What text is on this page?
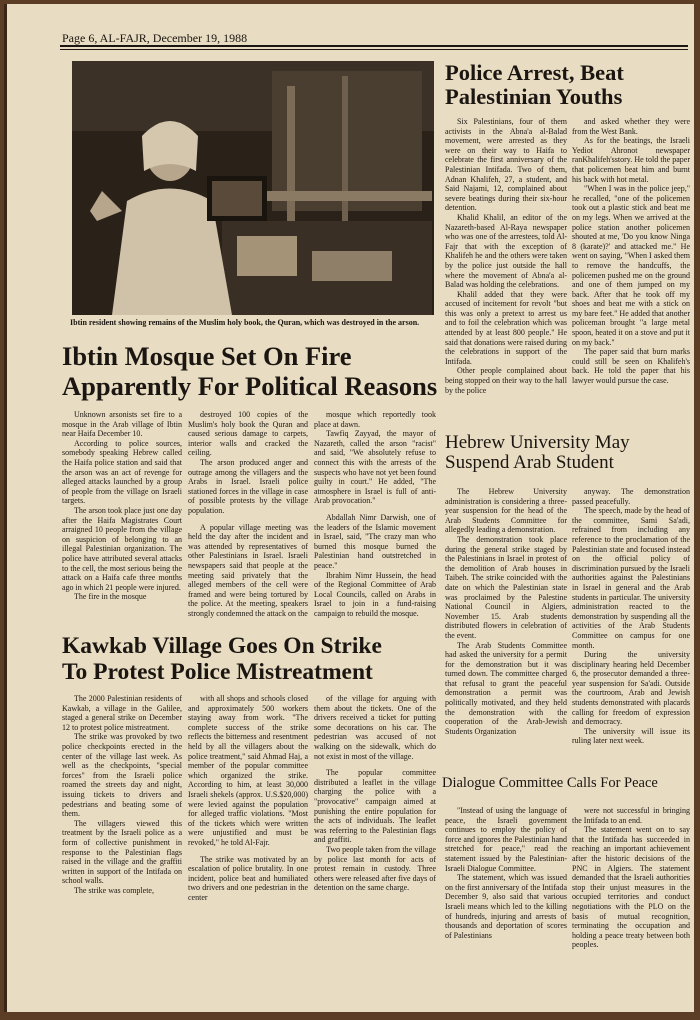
Page 6, AL-FAJR, December 19, 1988
Ibtin resident showing remains of the Muslim holy book, the Quran, which was destroyed in the arson.
Police Arrest, Beat
Palestinian Youths

Six Palestinians, four of them activists in the Abna'a al-Balad movement, were arrested as they were on their way to Haifa to celebrate the first anniversary of the Palestinian Intifada. Two of them, Adnan Khalifeh, 27, a student, and Said Najami, 12, complained about severe beatings during their six-hour detention.

Khalid Khalil, an editor of the Nazareth-based Al-Raya newspaper who was one of the arrestees, told Al-Fajr that with the exception of Khalifeh he and the others were taken by the police just outside the hall where the movement of Abna'a al-Balad was holding the celebrations.

Khalil added that they were accused of incitement for revolt "but this was only a pretext to arrest us and to foil the celebration which was attended by at least 800 people." He said that donations were raised during the celebrations in support of the Intifada.

Other people complained about being stopped on their way to the hall by the police

and asked whether they were from the West Bank.

As for the beatings, the Israeli Yediot Ahronot newspaper ranKhalifeh'sstory. He told the paper that policemen beat him and burnt his back with hot metal.

"When I was in the police jeep," he recalled, "one of the policemen took out a plastic stick and beat me on my legs. When we arrived at the police station another policemen shouted at me, 'Do you know Ninga 8 (karate)?' and attacked me." He went on saying, "When I asked them to remove the handcuffs, the policemen pushed me on the ground and one of them jumped on my back. After that he took off my shoes and beat me with a stick on my bare feet." He added that another policeman brought "a large metal spoon, heated it on a stove and put it on my back."

The paper said that burn marks could still be seen on Khalifeh's back. He told the paper that his lawyer would pursue the case.

Ibtin Mosque Set On Fire
Apparently For Political Reasons

Unknown arsonists set fire to a mosque in the Arab village of Ibtin near Haifa December 10.

According to police sources, somebody speaking Hebrew called the Haifa police station and said that the arson was an act of revenge for alleged attacks launched by a group of people from the village on Israeli targets.

The arson took place just one day after the Haifa Magistrates Court arraigned 10 people from the village on suspicion of belonging to an illegal Palestinian organization. The police have attributed several attacks to the cell, the most serious being the attack on a Haifa cafe three months ago in which 21 people were injured.

The fire in the mosque

destroyed 100 copies of the Muslim's holy book the Quran and caused serious damage to carpets, interior walls and cracked the ceiling.

The arson produced anger and outrage among the villagers and the Arabs in Israel. Israeli police stationed forces in the village in case of possible protests by the village population.

A popular village meeting was held the day after the incident and was attended by representatives of other Palestinians in Israel. Israeli newspapers said that people at the meeting said privately that the alleged members of the cell were framed and were being tortured by the police. At the meeting, speakers strongly condemned the attack on the

mosque which reportedly took place at dawn.

Tawfiq Zayyad, the mayor of Nazareth, called the arson "racist" and said, "We absolutely refuse to connect this with the arrests of the suspects who have not yet been found guilty in court." He added, "The atmosphere in Israel is full of anti-Arab provocation."

Abdallah Nimr Darwish, one of the leaders of the Islamic movement in Israel, said, "The crazy man who burned this mosque burned the Palestinian hand outstretched in peace."

Ibrahim Nimr Hussein, the head of the Regional Committee of Arab Local Councils, called on Arabs in Israel to join in a fund-raising campaign to rebuild the mosque.

Hebrew University May
Suspend Arab Student

The Hebrew University administration is considering a three-year suspension for the head of the Arab Students Committee for allegedly leading a demonstration.

The demonstration took place during the general strike staged by the Palestinians in Israel in protest of the demolition of Arab houses in Taibeh. The strike coincided with the date on which the Palestinian state was proclaimed by the Palestine National Council in Algiers, November 15. Arab students distributed flowers in celebration of the event.

The Arab Students Committee had asked the university for a permit for the demonstration but it was turned down. The committee charged that refusal to grant the peaceful demonstration a permit was politically motivated, and they held the demonstration with the cooperation of the Arab-Jewish Students Organization

anyway. The demonstration passed peacefully.

The speech, made by the head of the committee, Sami Sa'adi, refrained from including any reference to the proclamation of the Palestinian state and focused instead on the official policy of discrimination pursued by the Israeli authorities against the Palestinians in Israel in general and the Arab students in particular. The university administration reacted to the demonstration by suspending all the activities of the Arab Students Committee on campus for one month.

During the university disciplinary hearing held December 6, the prosecutor demanded a three-year suspension for Sa'adi. Outside the courtroom, Arab and Jewish students demonstrated with placards calling for freedom of expression and democracy.

The university will issue its ruling later next week.

Kawkab Village Goes On Strike
To Protest Police Mistreatment

The 2000 Palestinian residents of Kawkab, a village in the Galilee, staged a general strike on December 12 to protest police mistreatment.

The strike was provoked by two police checkpoints erected in the center of the village last week. As well as the checkpoints, "special forces" from the Israeli police roamed the streets day and night, issuing tickets to drivers and pedestrians and beating some of them.

The villagers viewed this treatment by the Israeli police as a form of collective punishment in response to the Palestinian flags raised in the village and the graffiti written in support of the Intifada on school walls.

The strike was complete,

with all shops and schools closed and approximately 500 workers staying away from work. "The complete success of the strike reflects the bitterness and resentment held by all the villagers about the police treatment," said Ahmad Haj, a member of the popular committee which organized the strike. According to him, at least 30,000 Israeli shekels (approx. U.S.$20,000) were levied against the population for alleged traffic violations. "Most of the tickets which were written were unjustified and must be revoked," he told Al-Fajr.

The strike was motivated by an escalation of police brutality. In one incident, police beat and humiliated two drivers and one pedestrian in the center

of the village for arguing with them about the tickets. One of the drivers received a ticket for putting some decorations on his car. The pedestrian was accused of not walking on the sidewalk, which do not exist in most of the village.

The popular committee distributed a leaflet in the village charging the police with a "provocative" campaign aimed at punishing the entire population for the acts of individuals. The leaflet was referring to the Palestinian flags and graffiti.

Two people taken from the village by police last month for acts of protest remain in custody. Three others were released after five days of detention on the same charge.

Dialogue Committee Calls For Peace

"Instead of using the language of peace, the Israeli government continues to employ the policy of force and ignores the Palestinian hand stretched for peace," read the statement issued by the Palestinian-Israeli Dialogue Committee.

The statement, which was issued on the first anniversary of the Intifada December 9, also said that various Israeli means which led to the killing of hundreds, injuring and arrests of thousands and deportation of scores of Palestinians

were not successful in bringing the Intifada to an end.

The statement went on to say that the Intifada has succeeded in reaching an important achievement after the historic decisions of the PNC in Algiers. The statement demanded that the Israeli authorities stop their unjust measures in the occupied territories and conduct negotiations with the PLO on the basis of mutual recognition, terminating the occupation and holding a peace treaty between both peoples.
